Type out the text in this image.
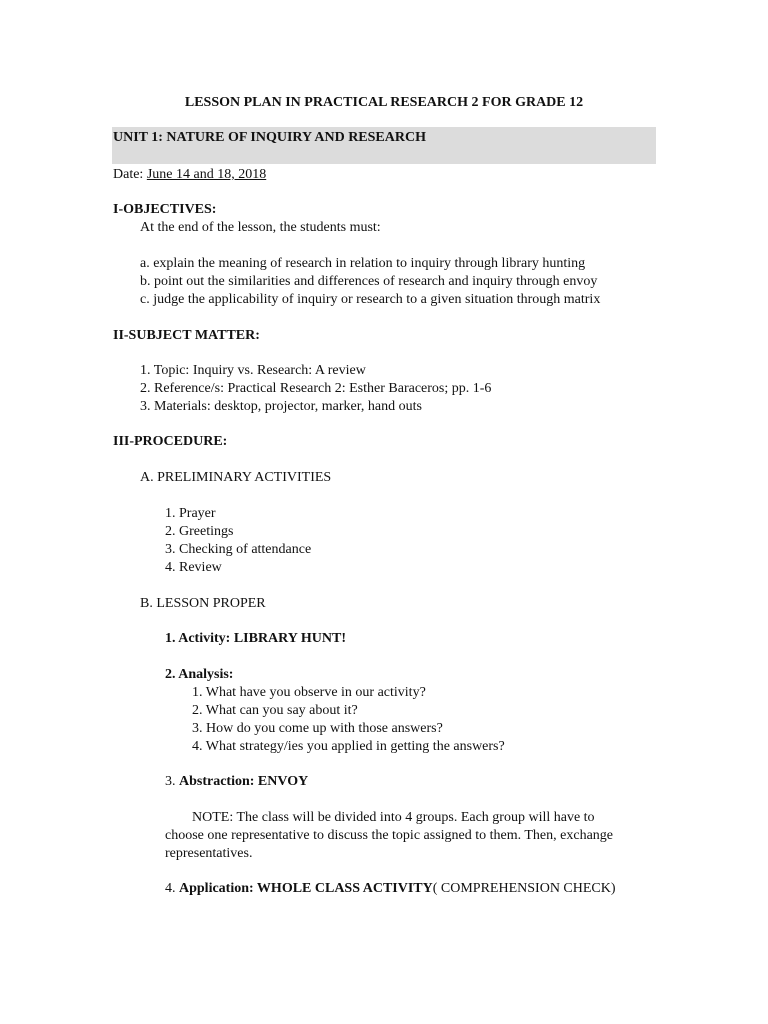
LESSON PLAN IN PRACTICAL RESEARCH 2 FOR GRADE 12
UNIT 1: NATURE OF INQUIRY AND RESEARCH
Date: June 14 and 18, 2018
I-OBJECTIVES:
At the end of the lesson, the students must:
a. explain the meaning of research in relation to inquiry through library hunting
b. point out the similarities and differences of research and inquiry through envoy
c. judge the applicability of inquiry or research to a given situation through matrix
II-SUBJECT MATTER:
1. Topic: Inquiry vs. Research: A review
2. Reference/s: Practical Research 2: Esther Baraceros; pp. 1-6
3. Materials: desktop, projector, marker, hand outs
III-PROCEDURE:
A. PRELIMINARY ACTIVITIES
1. Prayer
2. Greetings
3. Checking of attendance
4. Review
B. LESSON PROPER
1. Activity: LIBRARY HUNT!
2. Analysis:
1. What have you observe in our activity?
2. What can you say about it?
3. How do you come up with those answers?
4. What strategy/ies you applied in getting the answers?
3. Abstraction: ENVOY
NOTE: The class will be divided into 4 groups. Each group will have to
choose one representative to discuss the topic assigned to them. Then, exchange
representatives.
4. Application: WHOLE CLASS ACTIVITY( COMPREHENSION CHECK)
